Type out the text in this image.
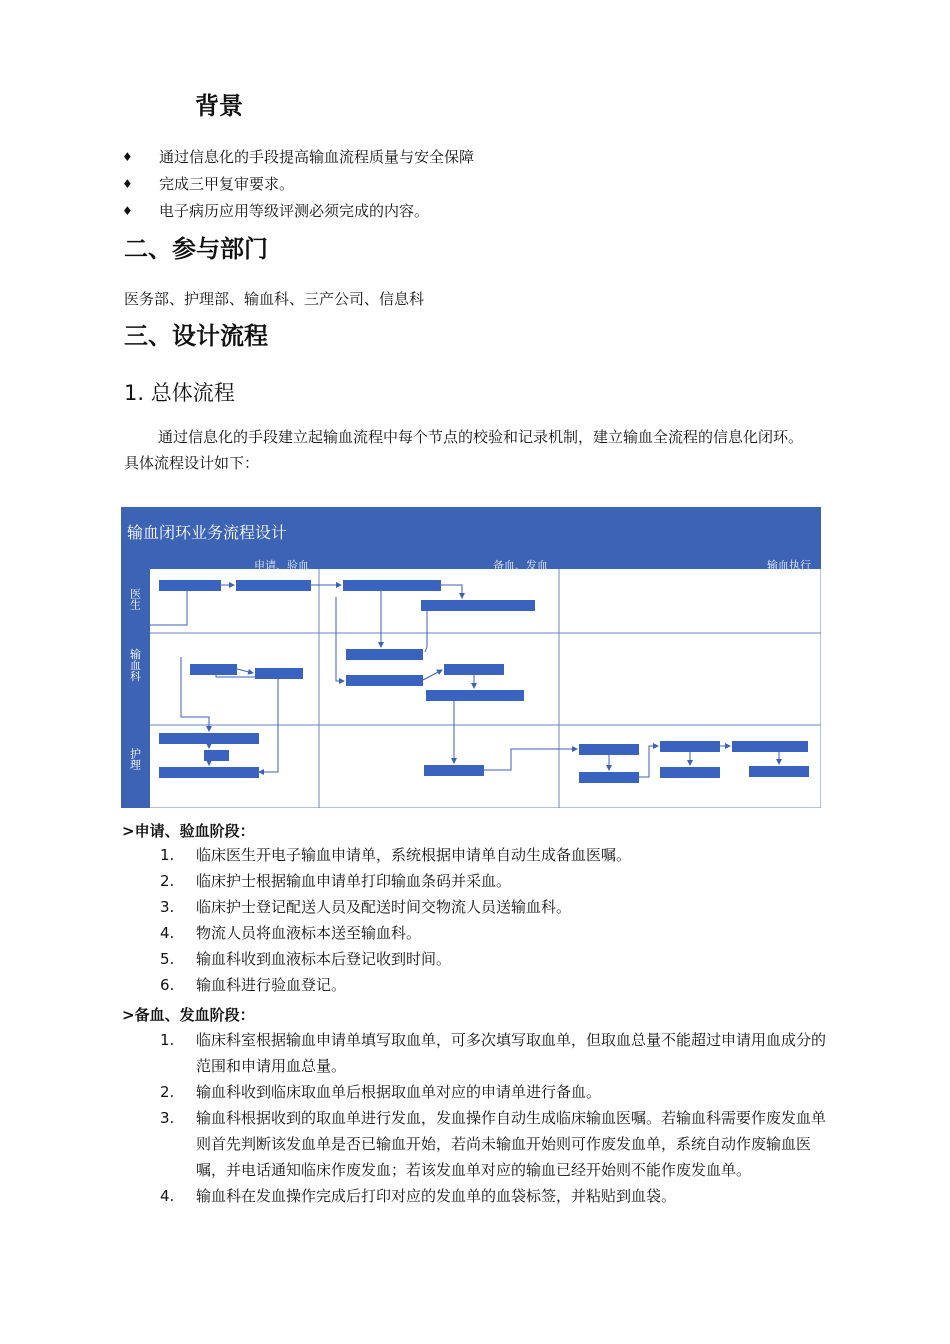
背景
♦	通过信息化的手段提高输血流程质量与安全保障
♦	完成三甲复审要求。
♦	电子病历应用等级评测必须完成的内容。
二、参与部门
医务部、护理部、输血科、三产公司、信息科
三、设计流程
1. 总体流程
通过信息化的手段建立起输血流程中每个节点的校验和记录机制，建立输血全流程的信息化闭环。
具体流程设计如下：
输血闭环业务流程设计
申请、验血	备血、发血	输血执行
医生
输血科
护理
>申请、验血阶段：
1.	临床医生开电子输血申请单，系统根据申请单自动生成备血医嘱。
2.	临床护士根据输血申请单打印输血条码并采血。
3.	临床护士登记配送人员及配送时间交物流人员送输血科。
4.	物流人员将血液标本送至输血科。
5.	输血科收到血液标本后登记收到时间。
6.	输血科进行验血登记。
>备血、发血阶段：
1.	临床科室根据输血申请单填写取血单，可多次填写取血单，但取血总量不能超过申请用血成分的范围和申请用血总量。
2.	输血科收到临床取血单后根据取血单对应的申请单进行备血。
3.	输血科根据收到的取血单进行发血，发血操作自动生成临床输血医嘱。若输血科需要作废发血单则首先判断该发血单是否已输血开始，若尚未输血开始则可作废发血单，系统自动作废输血医嘱，并电话通知临床作废发血；若该发血单对应的输血已经开始则不能作废发血单。
4.	输血科在发血操作完成后打印对应的发血单的血袋标签，并粘贴到血袋。
